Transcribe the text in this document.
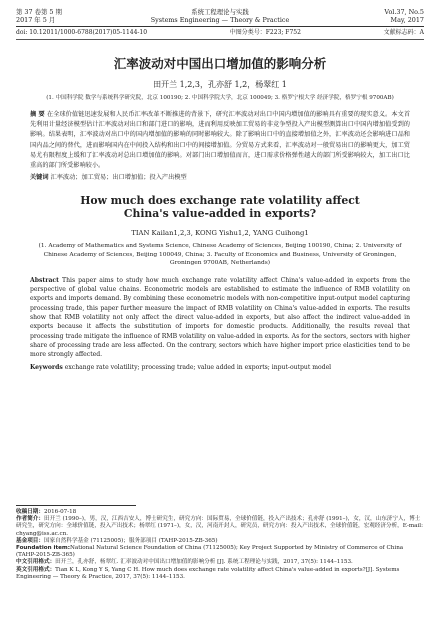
第 37 卷第 5 期
2017 年 5 月
系统工程理论与实践
Systems Engineering — Theory & Practice
Vol.37, No.5
May, 2017
doi: 10.12011/1000-6788(2017)05-1144-10	中图分类号：F223; F752	文献标志码：A
汇率波动对中国出口增加值的影响分析
田开兰 1,2,3，孔亦舒 1,2，杨翠红 1
(1. 中国科学院 数学与系统科学研究院，北京 100190; 2. 中国科学院大学，北京 100049; 3. 格罗宁根大学 经济学院，格罗宁根 9700AB)
摘 要 在全球价值链迅速发展和人民币汇率改革不断推进的背景下，研究汇率波动对出口中国内增加值的影响具有重要的现实意义。本文首先利用计量经济模型估计汇率波动对出口和部门进口的影响，进而利用反映加工贸易的非竞争型投入产出模型测算出口中国内增加值受到的影响。结果表明，汇率波动对出口中的国内增加值的影响的同时影响较大。除了影响出口中的直接增加值之外，汇率波动还会影响进口品和国内品之间的替代，进而影响国内在中间投入结构和出口中的间接增加值。分贸易方式来看，汇率波动对一般贸易出口的影响更大，加工贸易尤有限程度上缓和了汇率波动对总出口增加值的影响。对部门出口增加值而言，进口需求价格弹性越大的部门所受影响较大，加工出口比重高的部门所受影响较小。
关键词 汇率波动；加工贸易；出口增加值；投入产出模型
How much does exchange rate volatility affect China's value-added in exports?
TIAN Kailan1,2,3, KONG Yishu1,2, YANG Cuihong1
(1. Academy of Mathematics and Systems Science, Chinese Academy of Sciences, Beijing 100190, China; 2. University of Chinese Academy of Sciences, Beijing 100049, China; 3. Faculty of Economics and Business, University of Groningen, Groningen 9700AB, Netherlands)
Abstract This paper aims to study how much exchange rate volatility affect China's value-added in exports from the perspective of global value chains. Econometric models are established to estimate the influence of RMB volatility on exports and imports demand. By combining these econometric models with non-competitive input-output model capturing processing trade, this paper further measure the impact of RMB volatility on China's value-added in exports. The results show that RMB volatility not only affect the direct value-added in exports, but also affect the indirect value-added in exports because it affects the substitution of imports for domestic products. Additionally, the results reveal that processing trade mitigate the influence of RMB volatility on value-added in exports. As for the sectors, sectors with higher share of processing trade are less affected. On the contrary, sectors which have higher import price elasticities tend to be more strongly affected.
Keywords exchange rate volatility; processing trade; value added in exports; input-output model

收稿日期：2016-07-18

作者简介：田开兰 (1990–)，男，汉，江西吉安人，博士研究生，研究方向：国际贸易，全球价值链，投入产出技术；孔亦舒 (1991–)，女，汉，山东济宁人，博士研究生，研究方向：全球价值链，投入产出技术；杨翠红 (1971–)，女，汉，河南开封人，研究员，研究方向：投入产出技术，全球价值链，宏观经济分析，E-mail: chyang@iss.ac.cn.

基金项目：国家自然科学基金 (71125005)；服务部项目 (TAHP-2015-ZB-365)

Foundation item:National Natural Science Foundation of China (71125005); Key Project Supported by Ministry of Commerce of China (TAHP-2015-ZB-365)

中文引用格式：田开兰，孔亦舒，杨翠红. 汇率波动对中国出口增加值的影响分析 [J]. 系统工程理论与实践，2017, 37(5): 1144–1153.

英文引用格式：Tian K L, Kong Y S, Yang C H. How much does exchange rate volatility affect China's value-added in exports?[J]. Systems Engineering — Theory & Practice, 2017, 37(5): 1144–1153.
